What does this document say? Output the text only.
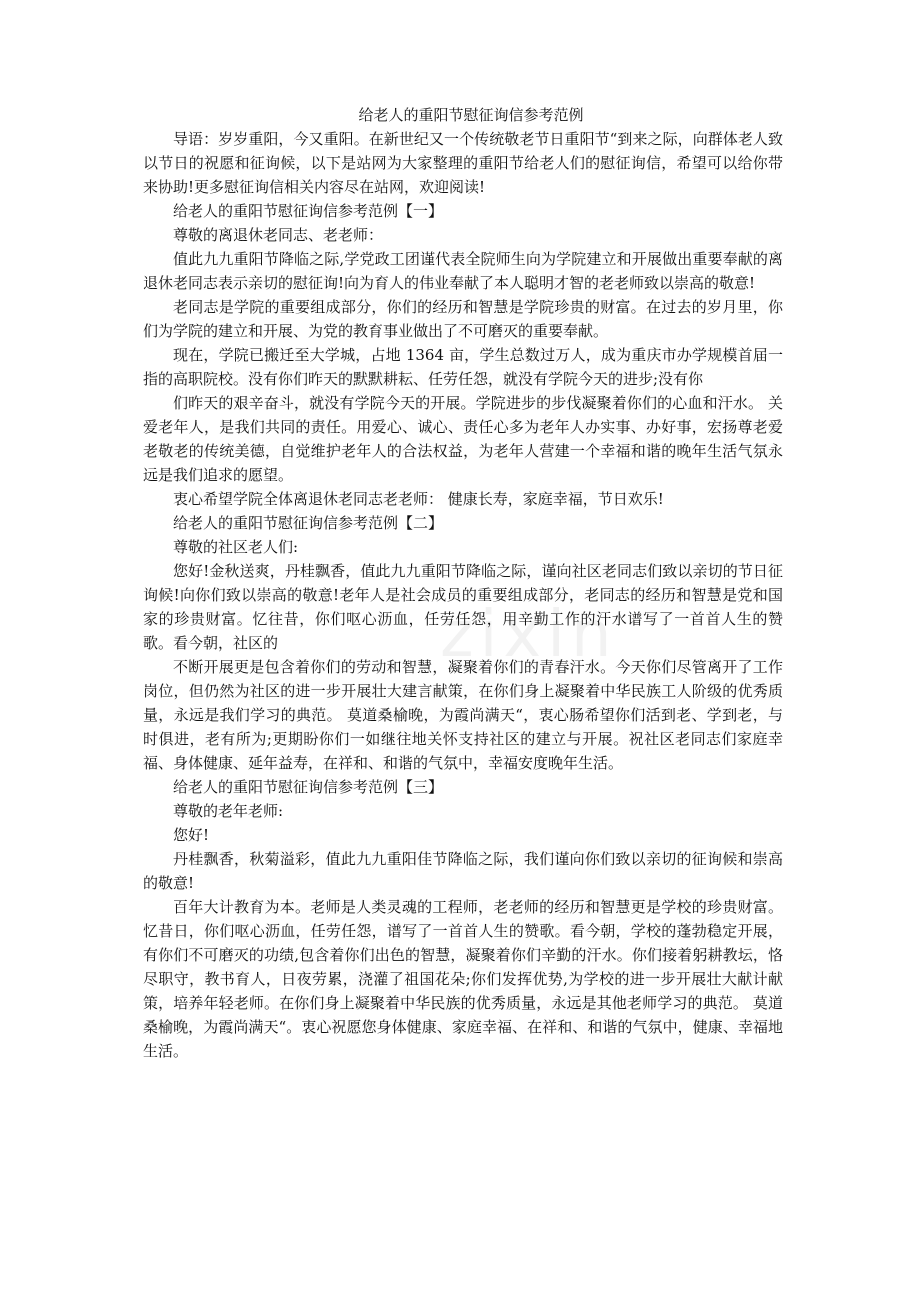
zixin
给老人的重阳节慰征询信参考范例

导语：岁岁重阳，今又重阳。在新世纪又一个传统敬老节日重阳节“到来之际，向群体老人致以节日的祝愿和征询候，以下是站网为大家整理的重阳节给老人们的慰征询信，希望可以给你带来协助!更多慰征询信相关内容尽在站网，欢迎阅读!

给老人的重阳节慰征询信参考范例【一】

尊敬的离退休老同志、老老师：

值此九九重阳节降临之际,学党政工团谨代表全院师生向为学院建立和开展做出重要奉献的离退休老同志表示亲切的慰征询!向为育人的伟业奉献了本人聪明才智的老老师致以崇高的敬意!

老同志是学院的重要组成部分，你们的经历和智慧是学院珍贵的财富。在过去的岁月里，你们为学院的建立和开展、为党的教育事业做出了不可磨灭的重要奉献。

现在，学院已搬迁至大学城，占地 1364 亩，学生总数过万人，成为重庆市办学规模首届一指的高职院校。没有你们昨天的默默耕耘、任劳任怨，就没有学院今天的进步;没有你

们昨天的艰辛奋斗，就没有学院今天的开展。学院进步的步伐凝聚着你们的心血和汗水。 关爱老年人，是我们共同的责任。用爱心、诚心、责任心多为老年人办实事、办好事，宏扬尊老爱老敬老的传统美德，自觉维护老年人的合法权益，为老年人营建一个幸福和谐的晚年生活气氛永远是我们追求的愿望。

衷心希望学院全体离退休老同志老老师： 健康长寿，家庭幸福，节日欢乐!

给老人的重阳节慰征询信参考范例【二】

尊敬的社区老人们:

您好!金秋送爽，丹桂飘香，值此九九重阳节降临之际，谨向社区老同志们致以亲切的节日征询候!向你们致以崇高的敬意!老年人是社会成员的重要组成部分，老同志的经历和智慧是党和国家的珍贵财富。忆往昔，你们呕心沥血，任劳任怨，用辛勤工作的汗水谱写了一首首人生的赞歌。看今朝，社区的

不断开展更是包含着你们的劳动和智慧，凝聚着你们的青春汗水。今天你们尽管离开了工作岗位，但仍然为社区的进一步开展壮大建言献策，在你们身上凝聚着中华民族工人阶级的优秀质量，永远是我们学习的典范。 莫道桑榆晚，为霞尚满天“，衷心肠希望你们活到老、学到老，与时俱进，老有所为;更期盼你们一如继往地关怀支持社区的建立与开展。祝社区老同志们家庭幸福、身体健康、延年益寿，在祥和、和谐的气氛中，幸福安度晚年生活。

给老人的重阳节慰征询信参考范例【三】

尊敬的老年老师:

您好!

丹桂飘香，秋菊溢彩，值此九九重阳佳节降临之际，我们谨向你们致以亲切的征询候和崇高的敬意!

百年大计教育为本。老师是人类灵魂的工程师，老老师的经历和智慧更是学校的珍贵财富。忆昔日，你们呕心沥血，任劳任怨，谱写了一首首人生的赞歌。看今朝，学校的蓬勃稳定开展，有你们不可磨灭的功绩,包含着你们出色的智慧，凝聚着你们辛勤的汗水。你们接着躬耕教坛，恪尽职守，教书育人，日夜劳累，浇灌了祖国花朵;你们发挥优势,为学校的进一步开展壮大献计献策，培养年轻老师。在你们身上凝聚着中华民族的优秀质量，永远是其他老师学习的典范。 莫道桑榆晚，为霞尚满天“。衷心祝愿您身体健康、家庭幸福、在祥和、和谐的气氛中，健康、幸福地生活。
